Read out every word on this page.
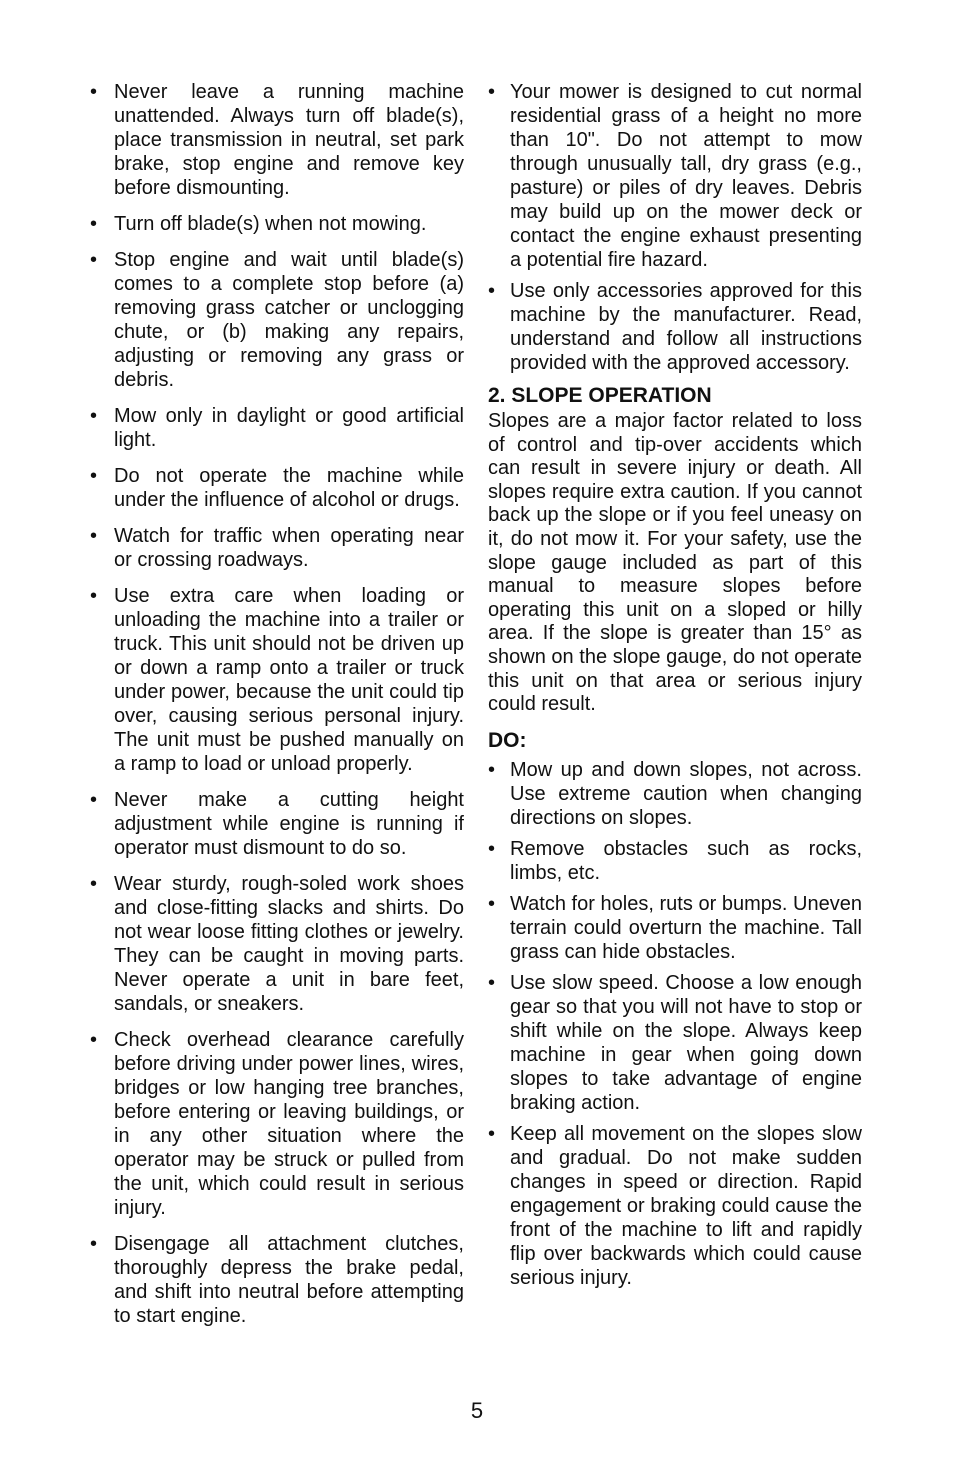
• Never leave a running machine unattended. Always turn off blade(s), place transmission in neutral, set park brake, stop engine and remove key before dismounting.
• Turn off blade(s) when not mowing.
• Stop engine and wait until blade(s) comes to a complete stop before (a) removing grass catcher or unclogging chute, or (b) making any repairs, adjusting or removing any grass or debris.
• Mow only in daylight or good artificial light.
• Do not operate the machine while under the influence of alcohol or drugs.
• Watch for traffic when operating near or crossing roadways.
• Use extra care when loading or unloading the machine into a trailer or truck. This unit should not be driven up or down a ramp onto a trailer or truck under power, because the unit could tip over, causing serious personal injury. The unit must be pushed manually on a ramp to load or unload properly.
• Never make a cutting height adjustment while engine is running if operator must dismount to do so.
• Wear sturdy, rough-soled work shoes and close-fitting slacks and shirts. Do not wear loose fitting clothes or jewelry. They can be caught in moving parts. Never operate a unit in bare feet, sandals, or sneakers.
• Check overhead clearance carefully before driving under power lines, wires, bridges or low hanging tree branches, before entering or leaving buildings, or in any other situation where the operator may be struck or pulled from the unit, which could result in serious injury.
• Disengage all attachment clutches, thoroughly depress the brake pedal, and shift into neutral before attempting to start engine.
• Your mower is designed to cut normal residential grass of a height no more than 10". Do not attempt to mow through unusually tall, dry grass (e.g., pasture) or piles of dry leaves. Debris may build up on the mower deck or contact the engine exhaust presenting a potential fire hazard.
• Use only accessories approved for this machine by the manufacturer. Read, understand and follow all instructions provided with the approved accessory.
2. SLOPE OPERATION

Slopes are a major factor related to loss of control and tip-over accidents which can result in severe injury or death. All slopes require extra caution. If you cannot back up the slope or if you feel uneasy on it, do not mow it. For your safety, use the slope gauge included as part of this manual to measure slopes before operating this unit on a sloped or hilly area. If the slope is greater than 15° as shown on the slope gauge, do not operate this unit on that area or serious injury could result.

DO:
• Mow up and down slopes, not across. Use extreme caution when changing directions on slopes.
• Remove obstacles such as rocks, limbs, etc.
• Watch for holes, ruts or bumps. Uneven terrain could overturn the machine. Tall grass can hide obstacles.
• Use slow speed. Choose a low enough gear so that you will not have to stop or shift while on the slope. Always keep machine in gear when going down slopes to take advantage of engine braking action.
• Keep all movement on the slopes slow and gradual. Do not make sudden changes in speed or direction. Rapid engagement or braking could cause the front of the machine to lift and rapidly flip over backwards which could cause serious injury.
5
